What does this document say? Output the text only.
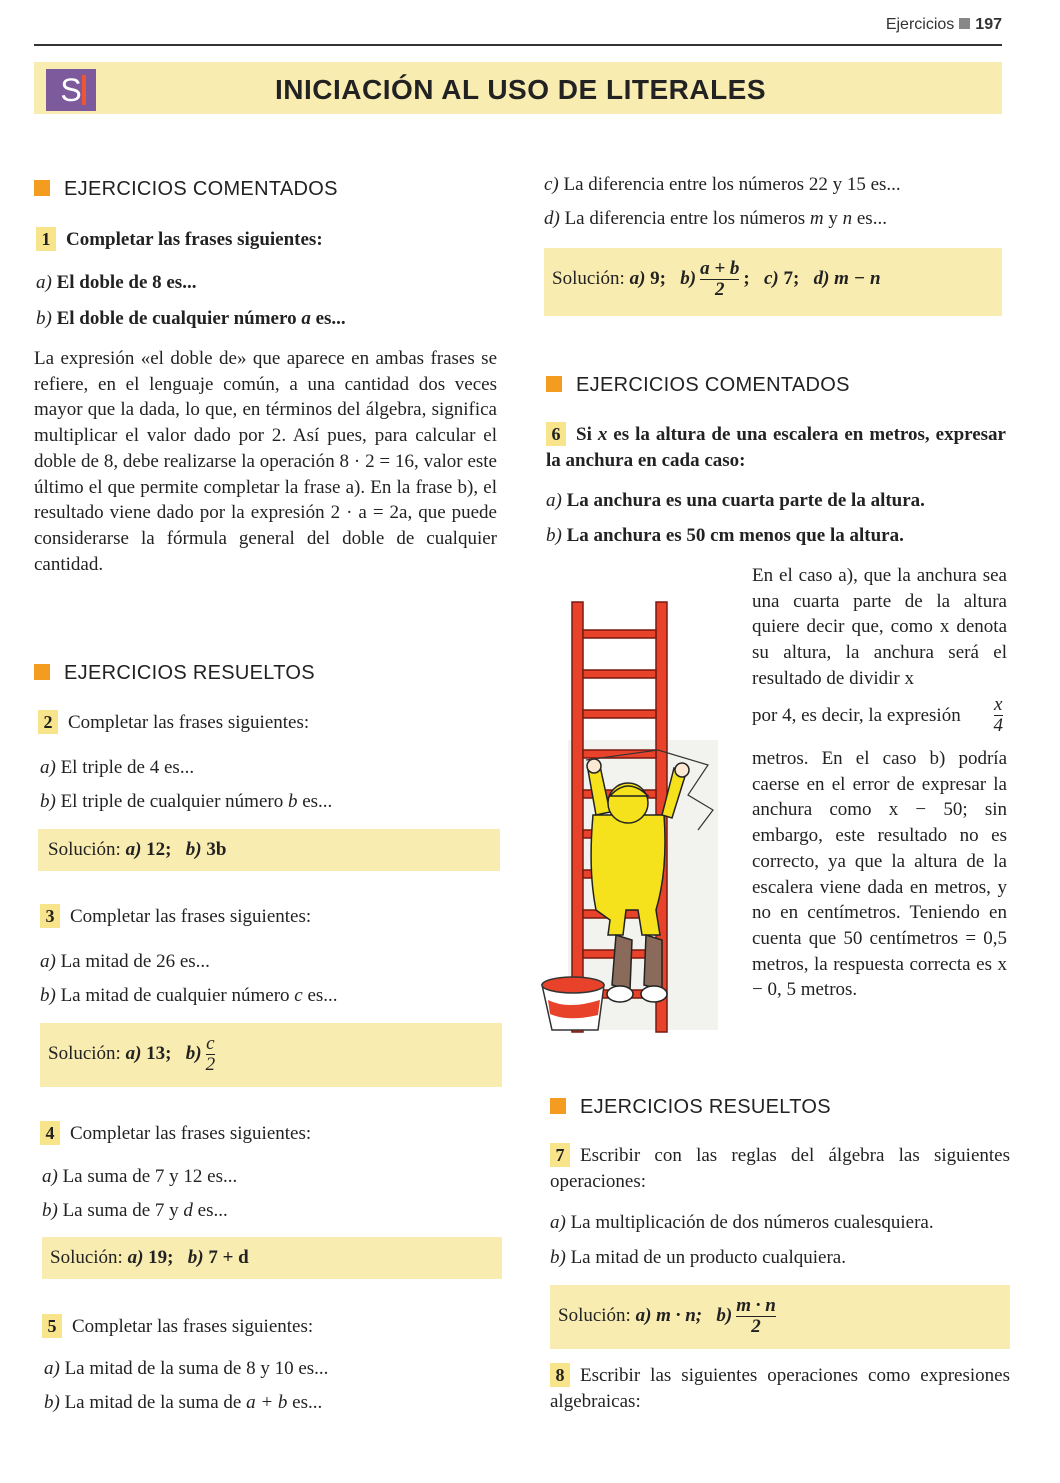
Ejercicios 197
S	INICIACIÓN AL USO DE LITERALES
EJERCICIOS COMENTADOS
1 Completar las frases siguientes:
a) El doble de 8 es...
b) El doble de cualquier número a es...
La expresión «el doble de» que aparece en ambas frases se refiere, en el lenguaje común, a una cantidad dos veces mayor que la dada, lo que, en términos del álgebra, significa multiplicar el valor dado por 2. Así pues, para calcular el doble de 8, debe realizarse la operación 8 · 2 = 16, valor este último el que permite completar la frase a). En la frase b), el resultado viene dado por la expresión 2 · a = 2a, que puede considerarse la fórmula general del doble de cualquier cantidad.
EJERCICIOS RESUELTOS
2 Completar las frases siguientes:
a) El triple de 4 es...
b) El triple de cualquier número b es...
Solución: a) 12; b) 3b
3 Completar las frases siguientes:
a) La mitad de 26 es...
b) La mitad de cualquier número c es...
Solución: a) 13; $b) \frac{c}{2}$
4 Completar las frases siguientes:
a) La suma de 7 y 12 es...
b) La suma de 7 y d es...
Solución: a) 19; b) 7 + d
5 Completar las frases siguientes:
a) La mitad de la suma de 8 y 10 es...
b) La mitad de la suma de a + b es...
c) La diferencia entre los números 22 y 15 es...
d) La diferencia entre los números m y n es...
Solución: a) 9; $b) \frac{a + b}{2}$ ; c) 7; d) m − n
EJERCICIOS COMENTADOS
6 Si x es la altura de una escalera en metros, expresar la anchura en cada caso:
a) La anchura es una cuarta parte de la altura.
b) La anchura es 50 cm menos que la altura.
En el caso a), que la anchura sea una cuarta parte de la altura quiere decir que, como x denota su altura, la anchura será el resultado de dividir x
por 4, es decir, la expresión $\frac{x}{4}$
metros. En el caso b) podría caerse en el error de expresar la anchura como x − 50; sin embargo, este resultado no es correcto, ya que la altura de la escalera viene dada en metros, y no en centímetros. Teniendo en cuenta que 50 centímetros = 0,5 metros, la respuesta correcta es x − 0, 5 metros.
EJERCICIOS RESUELTOS
7 Escribir con las reglas del álgebra las siguientes operaciones:
a) La multiplicación de dos números cualesquiera.
b) La mitad de un producto cualquiera.
Solución: a) m · n; $b) \frac{m \cdot n}{2}$
8 Escribir las siguientes operaciones como expresiones algebraicas:
